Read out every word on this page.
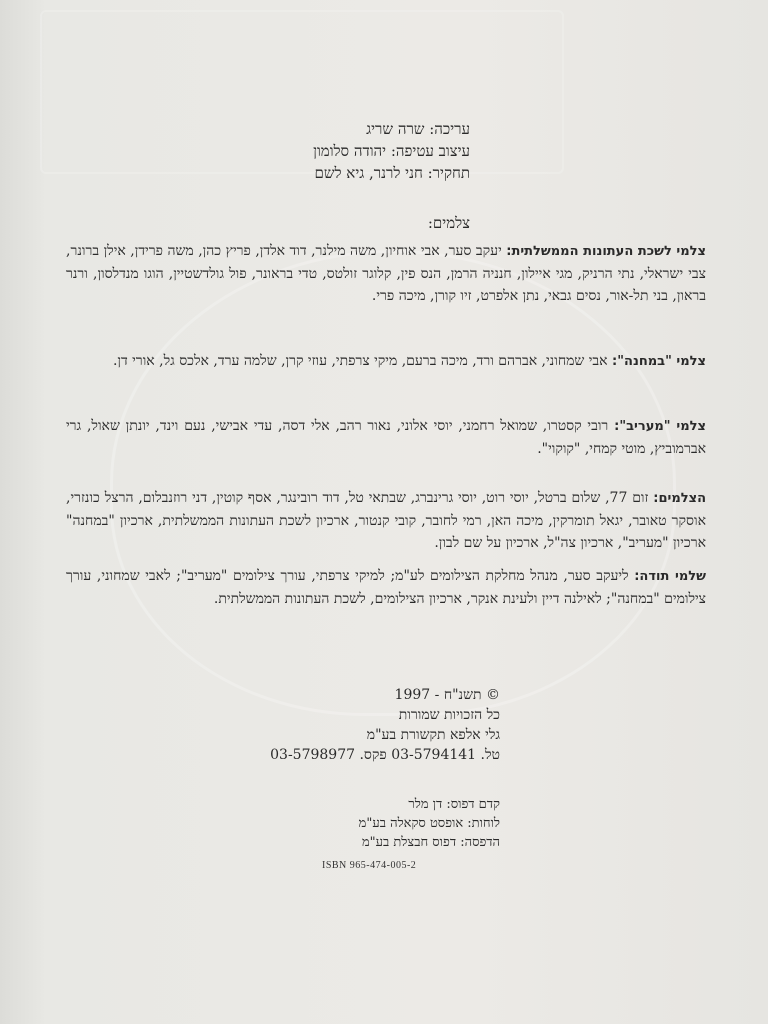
עריכה: שרה שריג
עיצוב עטיפה: יהודה סלומון
תחקיר: חני לרנר, גיא לשם
צלמים:
צלמי לשכת העתונות הממשלתית: יעקב סער, אבי אוחיון, משה מילנר, דוד אלדן, פריץ כהן, משה פרידן, אילן ברונר, צבי ישראלי, נתי הרניק, מגי איילון, חנניה הרמן, הנס פין, קלוגר זולטס, טדי בראונר, פול גולדשטיין, הוגו מנדלסון, ורנר בראון, בני תל-אור, נסים גבאי, נתן אלפרט, זיו קורן, מיכה פרי.
צלמי "במחנה": אבי שמחוני, אברהם ורד, מיכה ברעם, מיקי צרפתי, עוזי קרן, שלמה ערד, אלכס גל, אורי דן.
צלמי "מעריב": רובי קסטרו, שמואל רחמני, יוסי אלוני, נאור רהב, אלי דסה, עדי אבישי, נעם וינד, יונתן שאול, גרי אברמוביץ, מוטי קמחי, "קוקוי".
הצלמים: זום 77, שלום ברטל, יוסי רוט, יוסי גרינברג, שבתאי טל, דוד רובינגר, אסף קוטין, דני רוזנבלום, הרצל כונזרי, אוסקר טאובר, יגאל תומרקין, מיכה האן, רמי לחובר, קובי קנטור, ארכיון לשכת העתונות הממשלתית, ארכיון "במחנה" ארכיון "מעריב", ארכיון צה"ל, ארכיון על שם לבון.
שלמי תודה: ליעקב סער, מנהל מחלקת הצילומים לע"מ; למיקי צרפתי, עורך צילומים "מעריב"; לאבי שמחוני, עורך צילומים "במחנה"; לאילנה דיין ולעינת אנקר, ארכיון הצילומים, לשכת העתונות הממשלתית.
© תשנ"ח - 1997
כל הזכויות שמורות
גלי אלפא תקשורת בע"מ
טל. 03-5794141 פקס. 03-5798977
קדם דפוס: דן מלר
לוחות: אופסט סקאלה בע"מ
הדפסה: דפוס חבצלת בע"מ
ISBN 965-474-005-2
